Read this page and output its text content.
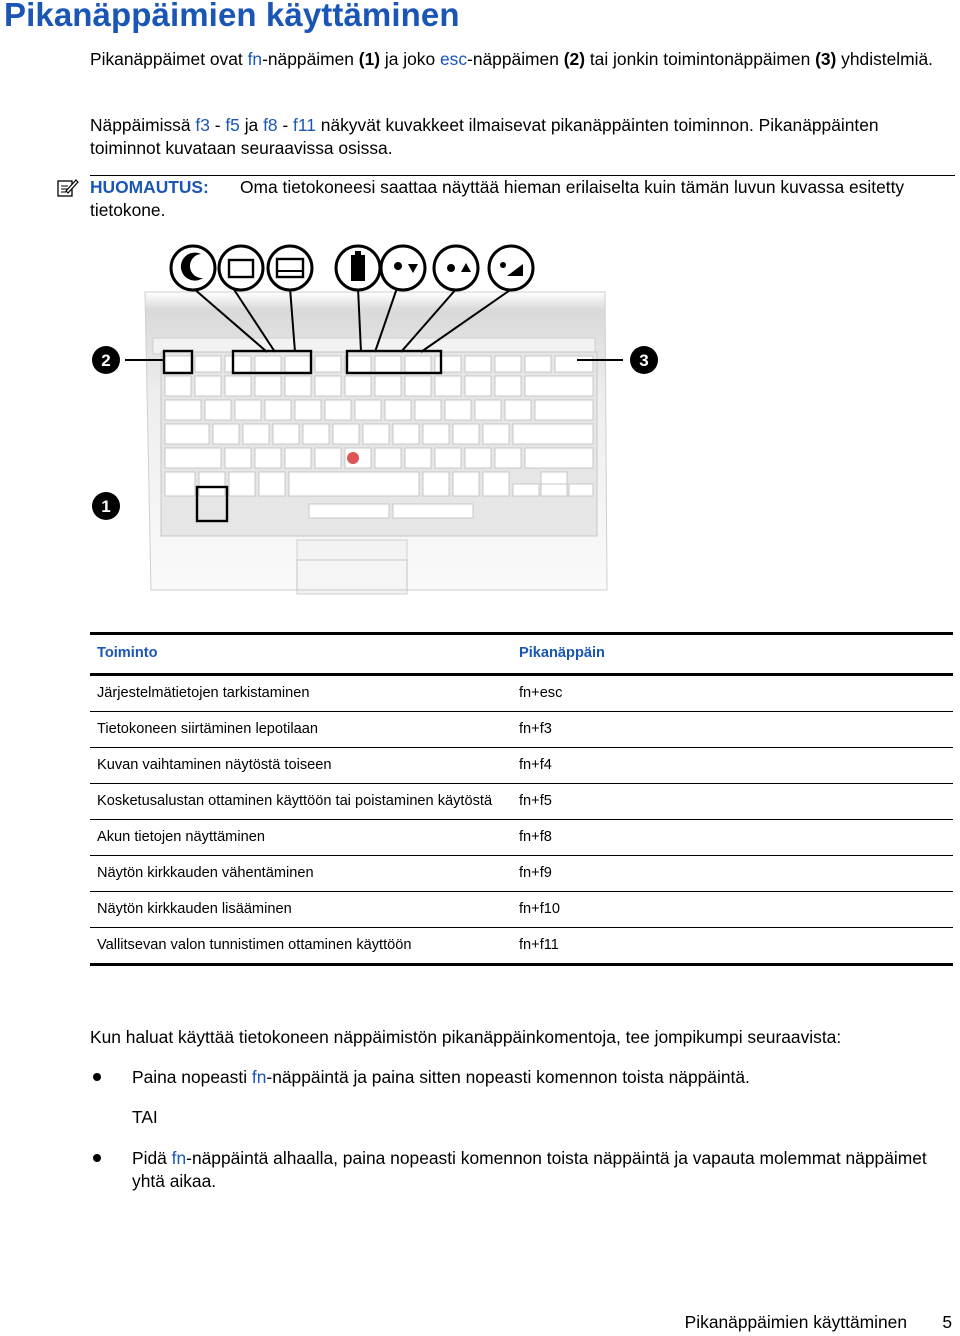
Pikanäppäimien käyttäminen

Pikanäppäimet ovat fn-näppäimen (1) ja joko esc-näppäimen (2) tai jonkin toimintonäppäimen (3) yhdistelmiä.

Näppäimissä f3 - f5 ja f8 - f11 näkyvät kuvakkeet ilmaisevat pikanäppäinten toiminnon. Pikanäppäinten toiminnot kuvataan seuraavissa osissa.

HUOMAUTUS: Oma tietokoneesi saattaa näyttää hieman erilaiselta kuin tämän luvun kuvassa esitetty tietokone.

1
2	3
Toiminto	Pikanäppäin
Järjestelmätietojen tarkistaminen	fn+esc
Tietokoneen siirtäminen lepotilaan	fn+f3
Kuvan vaihtaminen näytöstä toiseen	fn+f4
Kosketusalustan ottaminen käyttöön tai poistaminen käytöstä	fn+f5
Akun tietojen näyttäminen	fn+f8
Näytön kirkkauden vähentäminen	fn+f9
Näytön kirkkauden lisääminen	fn+f10
Vallitsevan valon tunnistimen ottaminen käyttöön	fn+f11

Kun haluat käyttää tietokoneen näppäimistön pikanäppäinkomentoja, tee jompikumpi seuraavista:

Paina nopeasti fn-näppäintä ja paina sitten nopeasti komennon toista näppäintä.

TAI

Pidä fn-näppäintä alhaalla, paina nopeasti komennon toista näppäintä ja vapauta molemmat näppäimet yhtä aikaa.

Pikanäppäimien käyttäminen 5
